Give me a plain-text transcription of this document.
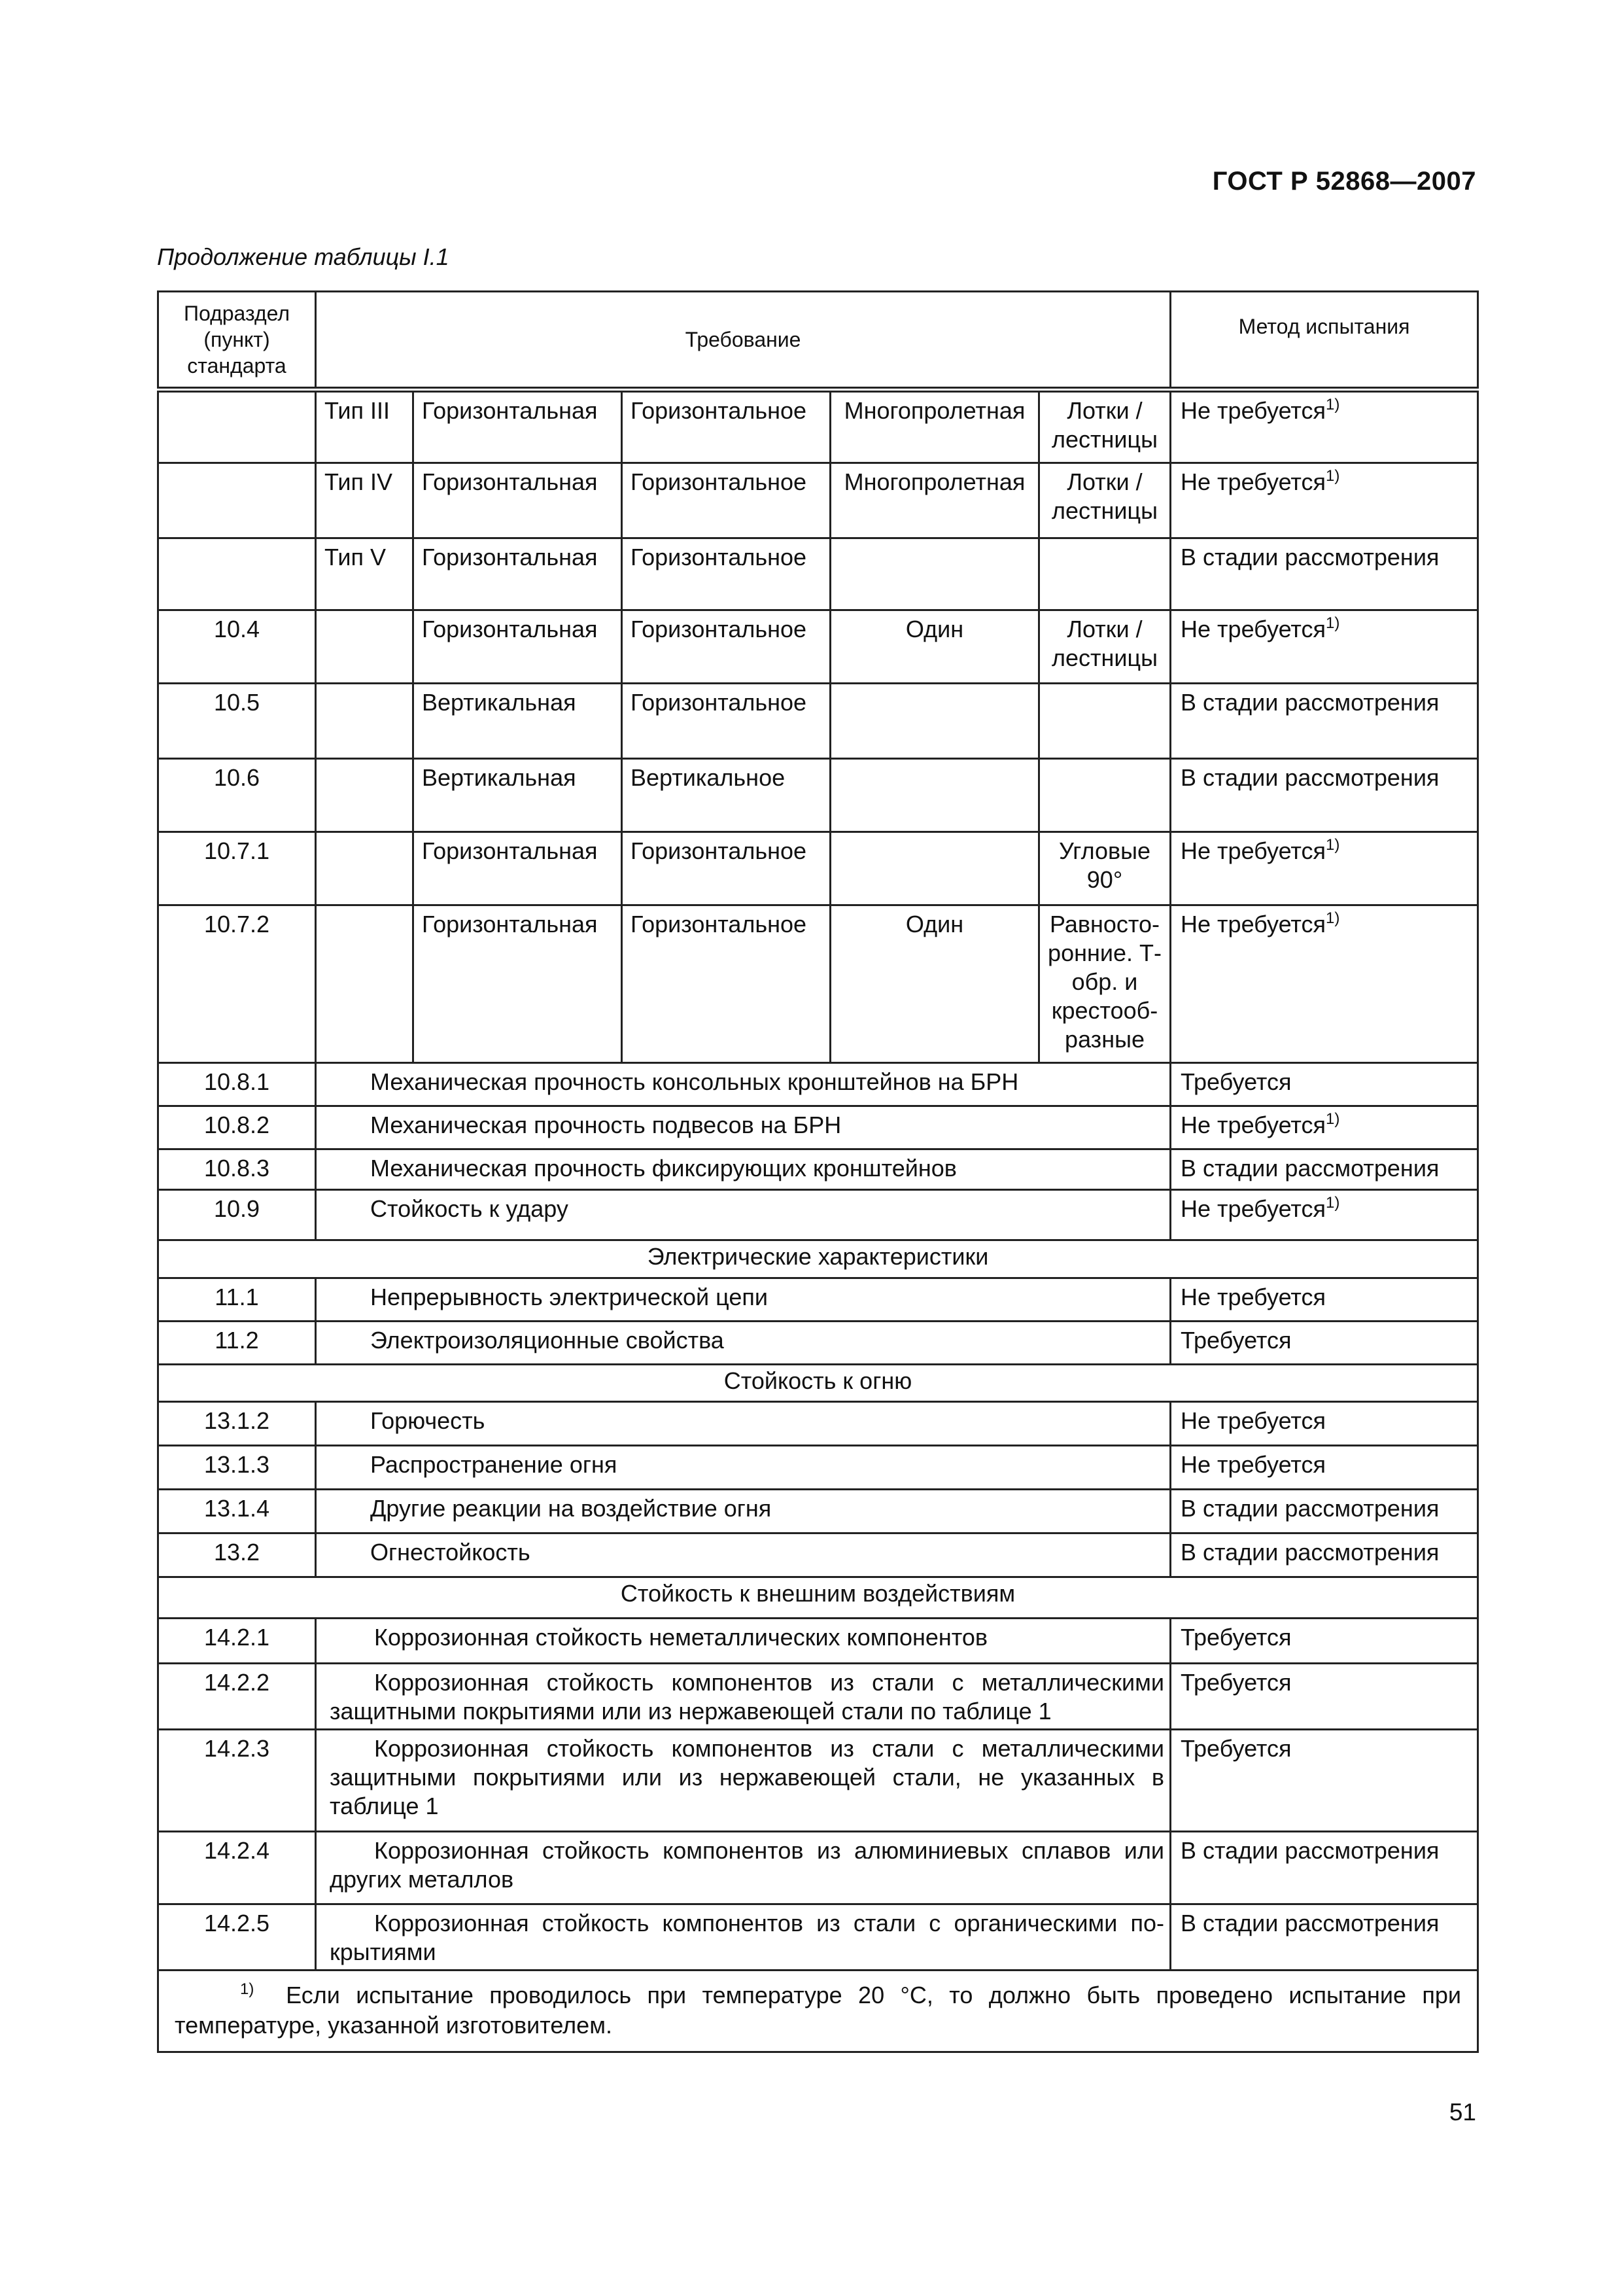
ГОСТ Р 52868—2007
Продолжение таблицы I.1
Подраздел (пункт) стандарта	Требование					Метод испытания
	Тип III	Горизонтальная	Горизонтальное	Многопролетная	Лотки / лестницы	Не требуется$^{1)}$
	Тип IV	Горизонтальная	Горизонтальное	Многопролетная	Лотки / лестницы	Не требуется$^{1)}$
	Тип V	Горизонтальная	Горизонтальное			В стадии рассмотрения
10.4		Горизонтальная	Горизонтальное	Один	Лотки / лестницы	Не требуется$^{1)}$
10.5		Вертикальная	Горизонтальное			В стадии рассмотрения
10.6		Вертикальная	Вертикальное			В стадии рассмотрения
10.7.1		Горизонтальная	Горизонтальное		Угловые 90°	Не требуется$^{1)}$
10.7.2		Горизонтальная	Горизонтальное	Один	Равносто-ронние. Т-обр. и крестооб-разные	Не требуется$^{1)}$
10.8.1	Механическая прочность консольных кронштейнов на БРН					Требуется
10.8.2	Механическая прочность подвесов на БРН					Не требуется$^{1)}$
10.8.3	Механическая прочность фиксирующих кронштейнов					В стадии рассмотрения
10.9	Стойкость к удару					Не требуется$^{1)}$
Электрические характеристики						
11.1	Непрерывность электрической цепи					Не требуется
11.2	Электроизоляционные свойства					Требуется
Стойкость к огню						
13.1.2	Горючесть					Не требуется
13.1.3	Распространение огня					Не требуется
13.1.4	Другие реакции на воздействие огня					В стадии рассмотрения
13.2	Огнестойкость					В стадии рассмотрения
Стойкость к внешним воздействиям						
14.2.1	Коррозионная стойкость неметаллических компонентов					Требуется
14.2.2	Коррозионная стойкость компонентов из стали с металлическими защитными покрытиями или из нержавеющей стали по таблице 1					Требуется
14.2.3	Коррозионная стойкость компонентов из стали с металлическими защитными покрытиями или из нержавеющей стали, не указанных в таблице 1					Требуется
14.2.4	Коррозионная стойкость компонентов из алюминиевых сплавов или других металлов					В стадии рассмотрения
14.2.5	Коррозионная стойкость компонентов из стали с органическими по-крытиями					В стадии рассмотрения
$^{1)}$ Если испытание проводилось при температуре 20 °С, то должно быть проведено испытание при температуре, указанной изготовителем.						
51
